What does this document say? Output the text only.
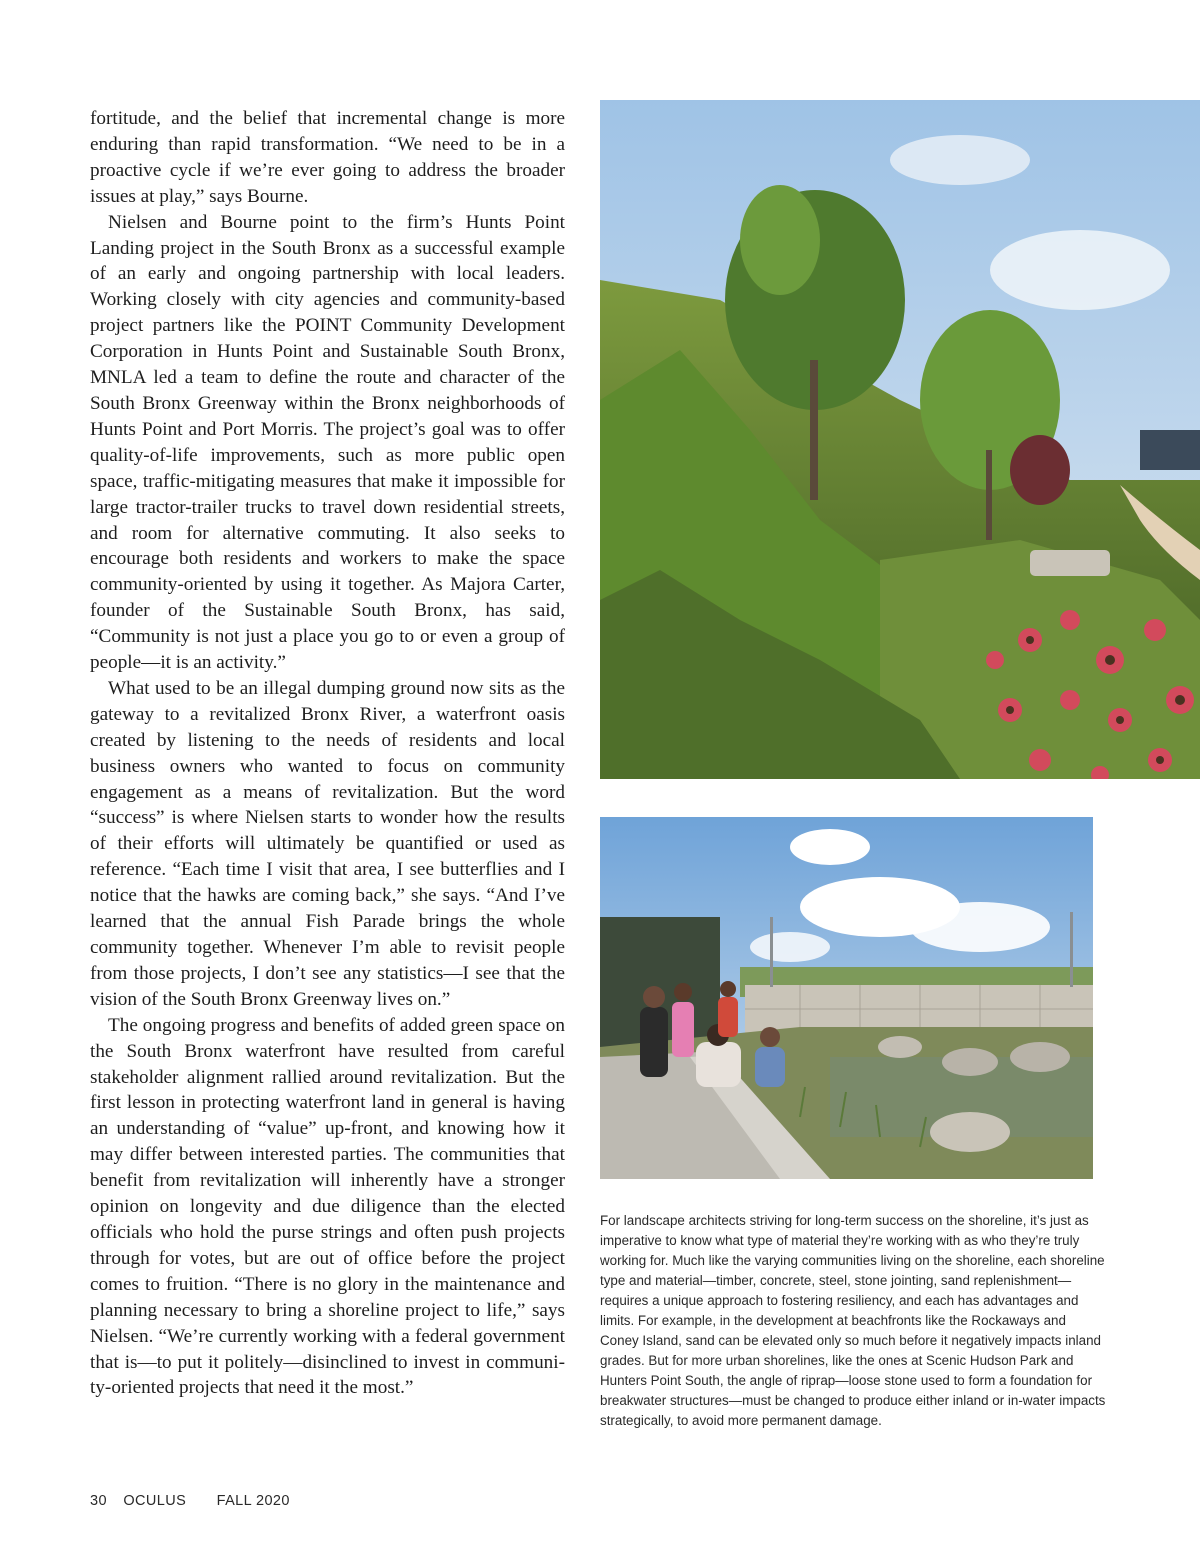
fortitude, and the belief that incremental change is more enduring than rapid transformation. “We need to be in a proactive cycle if we’re ever going to address the broader issues at play,” says Bourne.

Nielsen and Bourne point to the firm’s Hunts Point Landing project in the South Bronx as a successful example of an early and ongoing partnership with local leaders. Working closely with city agencies and community-based project partners like the POINT Community Development Corporation in Hunts Point and Sustainable South Bronx, MNLA led a team to define the route and character of the South Bronx Greenway within the Bronx neighborhoods of Hunts Point and Port Morris. The project’s goal was to offer quality-of-life improvements, such as more public open space, traffic-mitigating measures that make it impossible for large tractor-trailer trucks to travel down residential streets, and room for alternative commuting. It also seeks to encourage both residents and workers to make the space community-oriented by using it together. As Majora Carter, founder of the Sustainable South Bronx, has said, “Community is not just a place you go to or even a group of people—it is an activity.”

What used to be an illegal dumping ground now sits as the gateway to a revitalized Bronx River, a waterfront oasis created by listening to the needs of residents and local business owners who wanted to focus on community engagement as a means of revitalization. But the word “success” is where Nielsen starts to wonder how the results of their efforts will ultimately be quantified or used as reference. “Each time I visit that area, I see butterflies and I notice that the hawks are coming back,” she says. “And I’ve learned that the annual Fish Parade brings the whole community together. Whenever I’m able to revisit people from those projects, I don’t see any statistics—I see that the vision of the South Bronx Greenway lives on.”

The ongoing progress and benefits of added green space on the South Bronx waterfront have resulted from careful stakeholder alignment rallied around revitalization. But the first lesson in protecting waterfront land in general is having an understanding of “value” up-front, and knowing how it may differ between interested parties. The communities that benefit from revitalization will inherently have a stronger opinion on longevity and due diligence than the elected officials who hold the purse strings and often push projects through for votes, but are out of office before the project comes to fruition. “There is no glory in the maintenance and planning necessary to bring a shoreline project to life,” says Nielsen. “We’re currently working with a federal government that is––to put it politely––disinclined to invest in community-oriented projects that need it the most.”

For landscape architects striving for long-term success on the shoreline, it’s just as imperative to know what type of material they’re working with as who they’re truly working for. Much like the varying communities living on the shoreline, each shoreline type and material—timber, concrete, steel, stone jointing, sand replenishment—requires a unique approach to fostering resiliency, and each has advantages and limits. For example, in the development at beachfronts like the Rockaways and Coney Island, sand can be elevated only so much before it negatively impacts inland grades. But for more urban shorelines, like the ones at Scenic Hudson Park and Hunters Point South, the angle of riprap—loose stone used to form a foundation for breakwater structures—must be changed to produce either inland or in-water impacts strategically, to avoid more permanent damage.
30 OCULUS FALL 2020
